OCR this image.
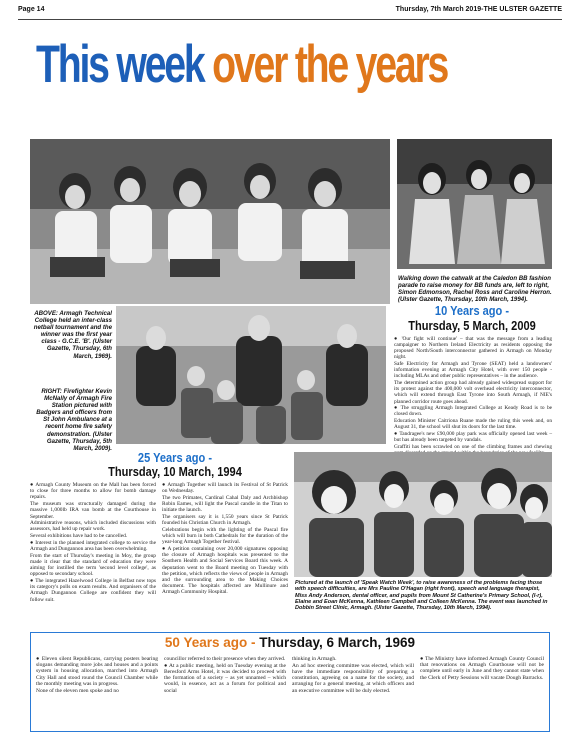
Page 14	Thursday, 7th March 2019-THE ULSTER GAZETTE
This week over the years
Walking down the catwalk at the Caledon BB fashion parade to raise money for BB funds are, left to right, Simon Edmonson, Rachel Ross and Caroline Herron. (Ulster Gazette, Thursday, 10th March, 1994).
ABOVE: Armagh Technical College held an inter-class netball tournament and the winner was the first year class - G.C.E. 'B'. (Ulster Gazette, Thursday, 6th March, 1969).
RIGHT: Firefighter Kevin McNally of Armagh Fire Station pictured with Badgers and officers from St John Ambulance at a recent home fire safety demonstration. (Ulster Gazette, Thursday, 5th March, 2009).
10 Years ago -
Thursday, 5 March, 2009

● 'Our fight will continue' – that was the message from a leading campaigner to Northern Ireland Electricity as residents opposing the proposed North/South interconnector gathered in Armagh on Monday night.

Safe Electricity for Armagh and Tyrone (SEAT) held a landowners' information evening at Armagh City Hotel, with over 150 people - including MLAs and other public representatives – in the audience.

The determined action group had already gained widespread support for its protest against the 400,000 volt overhead electricity interconnector, which will extend through East Tyrone into South Armagh, if NIE's planned corridor route goes ahead.

● The struggling Armagh Integrated College at Keady Road is to be closed down.

Education Minister Caitriona Ruane made the ruling this week and, on August 31, the school will shut its doors for the last time.

● Tandragee's new £90,000 play park was officially opened last week – but has already been targeted by vandals.

Graffiti has been scrawled on one of the climbing frames and chewing

25 Years ago -
Thursday, 10 March, 1994

● Armagh County Museum on the Mall has been forced to close for three months to allow for bomb damage repairs.

The museum was structurally damaged during the massive 1,000lb IRA van bomb at the Courthouse in September.

Administrative reasons, which included discussions with assessors, had held up repair work.

Several exhibitions have had to be cancelled.

● Interest in the planned integrated college to service the Armagh and Dungannon area has been overwhelming.

From the start of Thursday's meeting in Moy, the group made it clear that the standard of education they were aiming for instilled the term 'second level college', as opposed to secondary school.

● The integrated Hazelwood College in Belfast now tops its category's polls on exam results. And organisers of the Armagh Dungannon College are confident they will follow suit.

● Armagh Together will launch its Festival of St Patrick on Wednesday.

The two Primates, Cardinal Cahal Daly and Archbishop Robin Eames, will light the Pascal candle in the Titan to initiate the launch.

The organisers say it is 1,550 years since St Patrick founded his Christian Church in Armagh.

Celebrations begin with the lighting of the Pascal fire which will burn in both Cathedrals for the duration of the year-long Armagh Together festival.

● A petition containing over 20,000 signatures opposing the closure of Armagh hospitals was presented to the Southern Health and Social Services Board this week. A deputation went to the Board meeting on Tuesday with the petition, which reflects the views of people in Armagh and the surrounding area to the Making Choices document. The hospitals affected are Mullinure and Armagh Community Hospital.

Pictured at the launch of 'Speak Watch Week', to raise awareness of the problems facing those with speech difficulties, are Mrs Pauline O'Hagan (right front), speech and language therapist, Miss Andy Anderson, dental officer, and pupils from Mount St Catherine's Primary School, (l-r), Elaine and Eoan McKenna, Kathleen Campbell and Colleen McKenna. The event was launched in Dobbin Street Clinic, Armagh. (Ulster Gazette, Thursday, 10th March, 1994).
50 Years ago - Thursday, 6 March, 1969

● Eleven silent Republicans, carrying posters bearing slogans demanding more jobs and houses and a points system in housing allocation, marched into Armagh City Hall and stood round the Council Chamber while the monthly meeting was in progress.

None of the eleven men spoke and no

councillor referred to their presence when they arrived.

● At a public meeting, held on Tuesday evening at the Beresford Arms Hotel, it was decided to proceed with the formation of a society – as yet unnamed – which would, in essence, act as a forum for political and social

thinking in Armagh.

An ad hoc steering committee was elected, which will have the immediate responsibility of preparing a constitution, agreeing on a name for the society, and arranging for a general meeting, at which officers and an executive committee will be duly elected.

● The Ministry have informed Armagh County Council that renovations on Armagh Courthouse will not be complete until early in June and they cannot state when the Clerk of Petty Sessions will vacate Dough Barracks.
